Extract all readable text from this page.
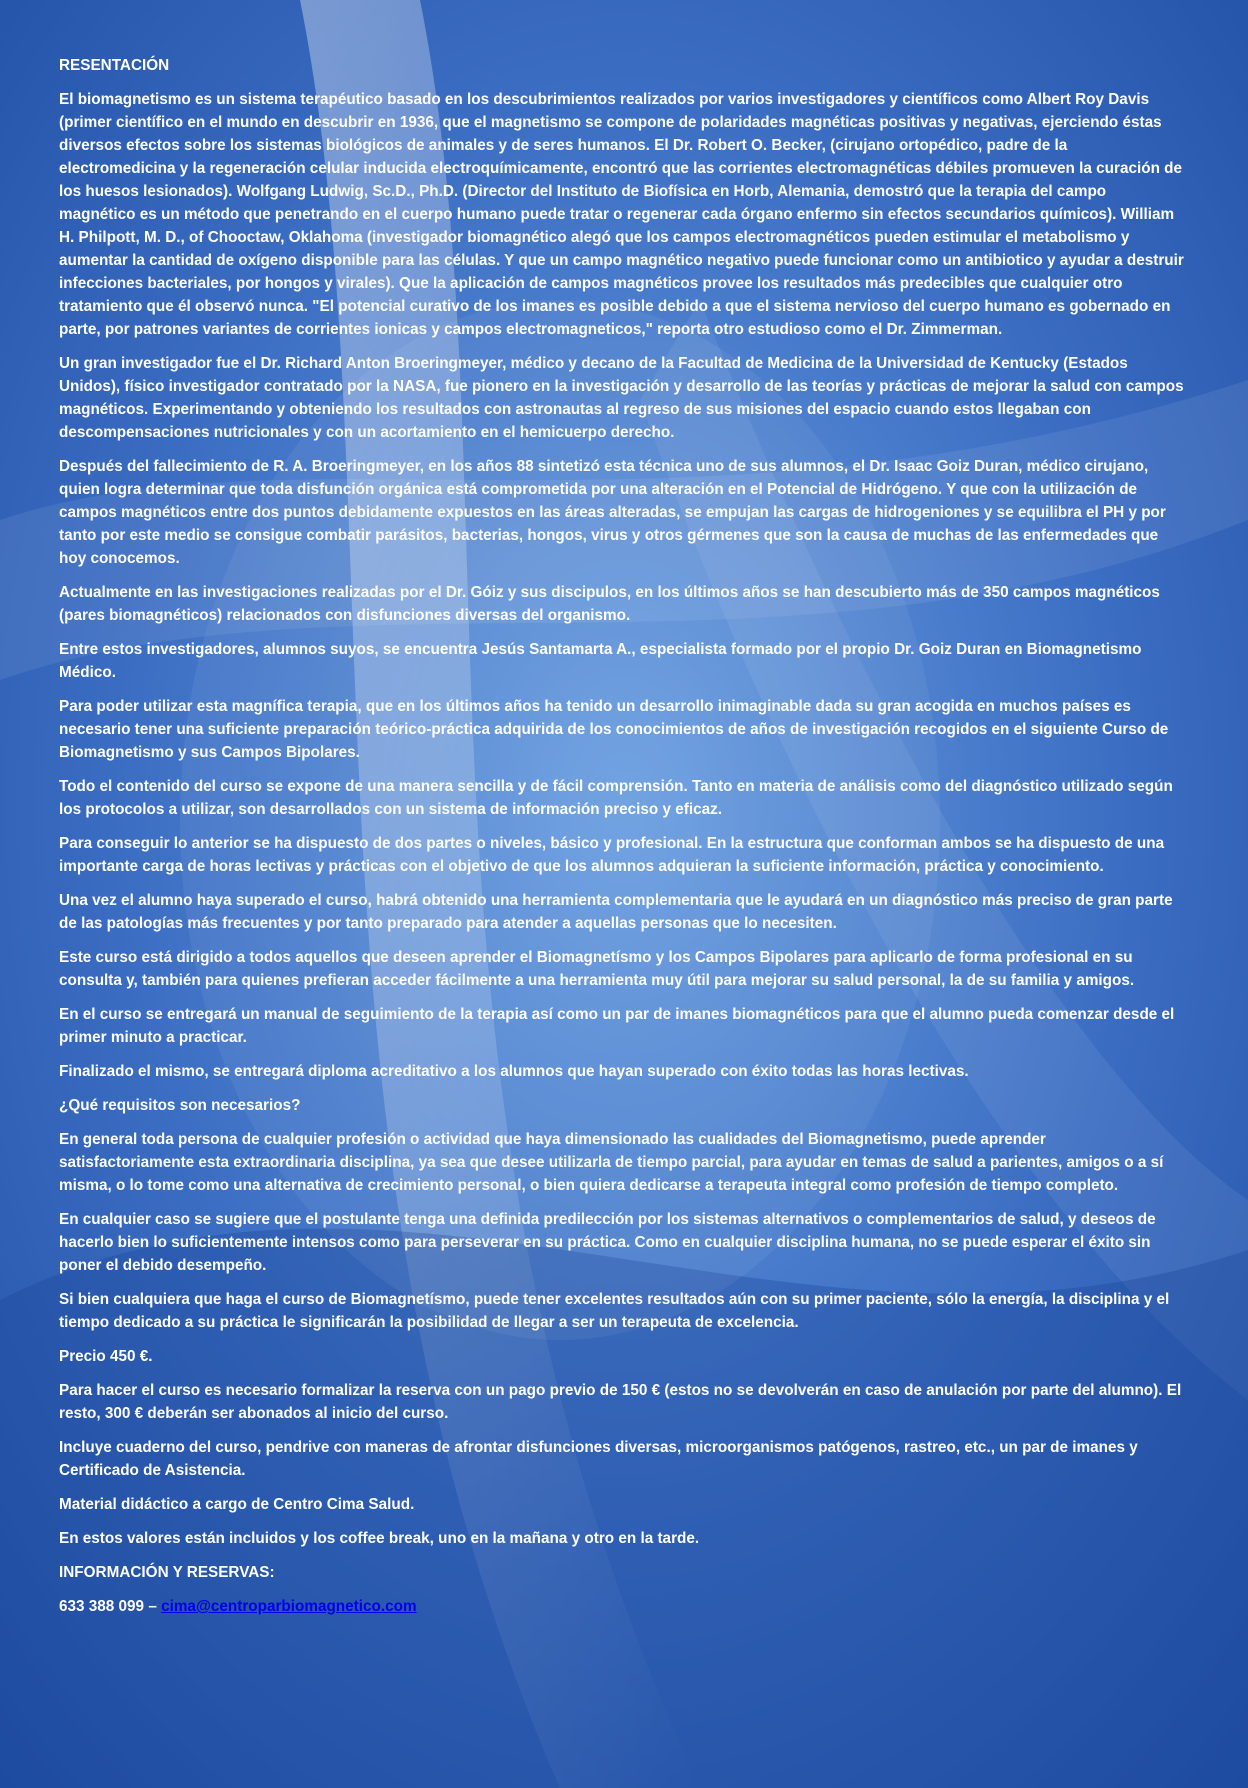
RESENTACIÓN

El biomagnetismo es un sistema terapéutico basado en los descubrimientos realizados por varios investigadores y científicos como Albert Roy Davis (primer científico en el mundo en descubrir en 1936, que el magnetismo se compone de polaridades magnéticas positivas y negativas, ejerciendo éstas diversos efectos sobre los sistemas biológicos de animales y de seres humanos. El Dr. Robert O. Becker, (cirujano ortopédico, padre de la electromedicina y la regeneración celular inducida electroquímicamente, encontró que las corrientes electromagnéticas débiles promueven la curación de los huesos lesionados). Wolfgang Ludwig, Sc.D., Ph.D. (Director del Instituto de Biofísica en Horb, Alemania, demostró que la terapia del campo magnético es un método que penetrando en el cuerpo humano puede tratar o regenerar cada órgano enfermo sin efectos secundarios químicos). William H. Philpott, M. D., of Chooctaw, Oklahoma (investigador biomagnético alegó que los campos electromagnéticos pueden estimular el metabolismo y aumentar la cantidad de oxígeno disponible para las células. Y que un campo magnético negativo puede funcionar como un antibiotico y ayudar a destruir infecciones bacteriales, por hongos y virales). Que la aplicación de campos magnéticos provee los resultados más predecibles que cualquier otro tratamiento que él observó nunca. "El potencial curativo de los imanes es posible debido a que el sistema nervioso del cuerpo humano es gobernado en parte, por patrones variantes de corrientes ionicas y campos electromagneticos," reporta otro estudioso como el Dr. Zimmerman.

Un gran investigador fue el Dr. Richard Anton Broeringmeyer, médico y decano de la Facultad de Medicina de la Universidad de Kentucky (Estados Unidos), físico investigador contratado por la NASA, fue pionero en la investigación y desarrollo de las teorías y prácticas de mejorar la salud con campos magnéticos. Experimentando y obteniendo los resultados con astronautas al regreso de sus misiones del espacio cuando estos llegaban con descompensaciones nutricionales y con un acortamiento en el hemicuerpo derecho.

Después del fallecimiento de R. A. Broeringmeyer, en los años 88 sintetizó esta técnica uno de sus alumnos, el Dr. Isaac Goiz Duran, médico cirujano, quien logra determinar que toda disfunción orgánica está comprometida por una alteración en el Potencial de Hidrógeno. Y que con la utilización de campos magnéticos entre dos puntos debidamente expuestos en las áreas alteradas, se empujan las cargas de hidrogeniones y se equilibra el PH y por tanto por este medio se consigue combatir parásitos, bacterias, hongos, virus y otros gérmenes que son la causa de muchas de las enfermedades que hoy conocemos.

Actualmente en las investigaciones realizadas por el Dr. Góiz y sus discipulos, en los últimos años se han descubierto más de 350 campos magnéticos (pares biomagnéticos) relacionados con disfunciones diversas del organismo.

Entre estos investigadores, alumnos suyos, se encuentra Jesús Santamarta A., especialista formado por el propio Dr. Goiz Duran en Biomagnetismo Médico.

Para poder utilizar esta magnífica terapia, que en los últimos años ha tenido un desarrollo inimaginable dada su gran acogida en muchos países es necesario tener una suficiente preparación teórico-práctica adquirida de los conocimientos de años de investigación recogidos en el siguiente Curso de Biomagnetismo y sus Campos Bipolares.

Todo el contenido del curso se expone de una manera sencilla y de fácil comprensión. Tanto en materia de análisis como del diagnóstico utilizado según los protocolos a utilizar, son desarrollados con un sistema de información preciso y eficaz.

Para conseguir lo anterior se ha dispuesto de dos partes o niveles, básico y profesional. En la estructura que conforman ambos se ha dispuesto de una importante carga de horas lectivas y prácticas con el objetivo de que los alumnos adquieran la suficiente información, práctica y conocimiento.

Una vez el alumno haya superado el curso, habrá obtenido una herramienta complementaria que le ayudará en un diagnóstico más preciso de gran parte de las patologías más frecuentes y por tanto preparado para atender a aquellas personas que lo necesiten.

Este curso está dirigido a todos aquellos que deseen aprender el Biomagnetísmo y los Campos Bipolares para aplicarlo de forma profesional en su consulta y, también para quienes prefieran acceder fácilmente a una herramienta muy útil para mejorar su salud personal, la de su familia y amigos.

En el curso se entregará un manual de seguimiento de la terapia así como un par de imanes biomagnéticos para que el alumno pueda comenzar desde el primer minuto a practicar.

Finalizado el mismo, se entregará diploma acreditativo a los alumnos que hayan superado con éxito todas las horas lectivas.

¿Qué requisitos son necesarios?

En general toda persona de cualquier profesión o actividad que haya dimensionado las cualidades del Biomagnetismo, puede aprender satisfactoriamente esta extraordinaria disciplina, ya sea que desee utilizarla de tiempo parcial, para ayudar en temas de salud a parientes, amigos o a sí misma, o lo tome como una alternativa de crecimiento personal, o bien quiera dedicarse a terapeuta integral como profesión de tiempo completo.

En cualquier caso se sugiere que el postulante tenga una definida predilección por los sistemas alternativos o complementarios de salud, y deseos de hacerlo bien lo suficientemente intensos como para perseverar en su práctica. Como en cualquier disciplina humana, no se puede esperar el éxito sin poner el debido desempeño.

Si bien cualquiera que haga el curso de Biomagnetísmo, puede tener excelentes resultados aún con su primer paciente, sólo la energía, la disciplina y el tiempo dedicado a su práctica le significarán la posibilidad de llegar a ser un terapeuta de excelencia.

Precio 450 €.

Para hacer el curso es necesario formalizar la reserva con un pago previo de 150 € (estos no se devolverán en caso de anulación por parte del alumno). El resto, 300 € deberán ser abonados al inicio del curso.

Incluye cuaderno del curso, pendrive con maneras de afrontar disfunciones diversas, microorganismos patógenos, rastreo, etc., un par de imanes y Certificado de Asistencia.

Material didáctico a cargo de Centro Cima Salud.

En estos valores están incluidos y los coffee break, uno en la mañana y otro en la tarde.

INFORMACIÓN Y RESERVAS:

633 388 099 – cima@centroparbiomagnetico.com
